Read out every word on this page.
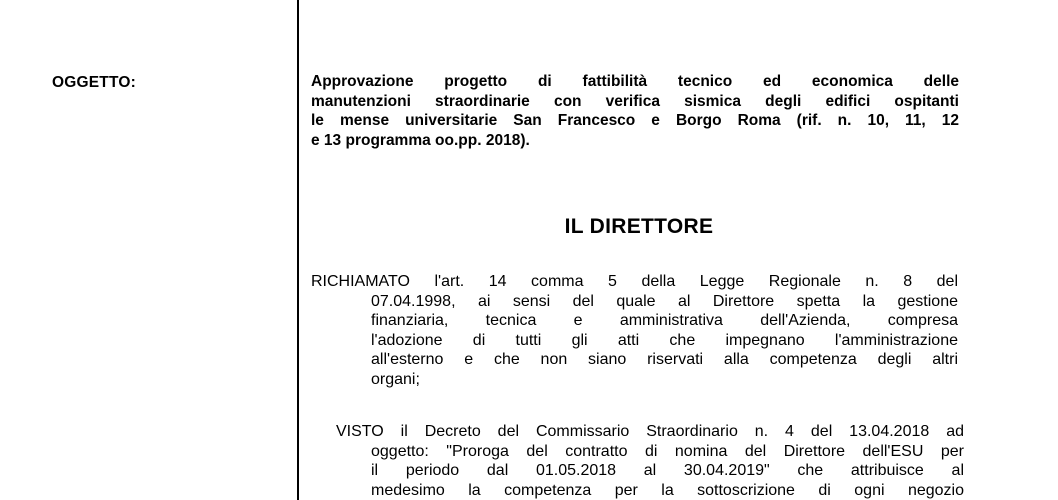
OGGETTO:	Approvazione progetto di fattibilità tecnico ed economica delle
manutenzioni straordinarie con verifica sismica degli edifici ospitanti
le mense universitarie San Francesco e Borgo Roma (rif. n. 10, 11, 12
e 13 programma oo.pp. 2018).
IL DIRETTORE
RICHIAMATO l'art. 14 comma 5 della Legge Regionale n. 8 del
07.04.1998, ai sensi del quale al Direttore spetta la gestione
finanziaria, tecnica e amministrativa dell'Azienda, compresa
l'adozione di tutti gli atti che impegnano l'amministrazione
all'esterno e che non siano riservati alla competenza degli altri
organi;
VISTO il Decreto del Commissario Straordinario n. 4 del 13.04.2018 ad
oggetto: "Proroga del contratto di nomina del Direttore dell'ESU per
il periodo dal 01.05.2018 al 30.04.2019" che attribuisce al
medesimo la competenza per la sottoscrizione di ogni negozio
